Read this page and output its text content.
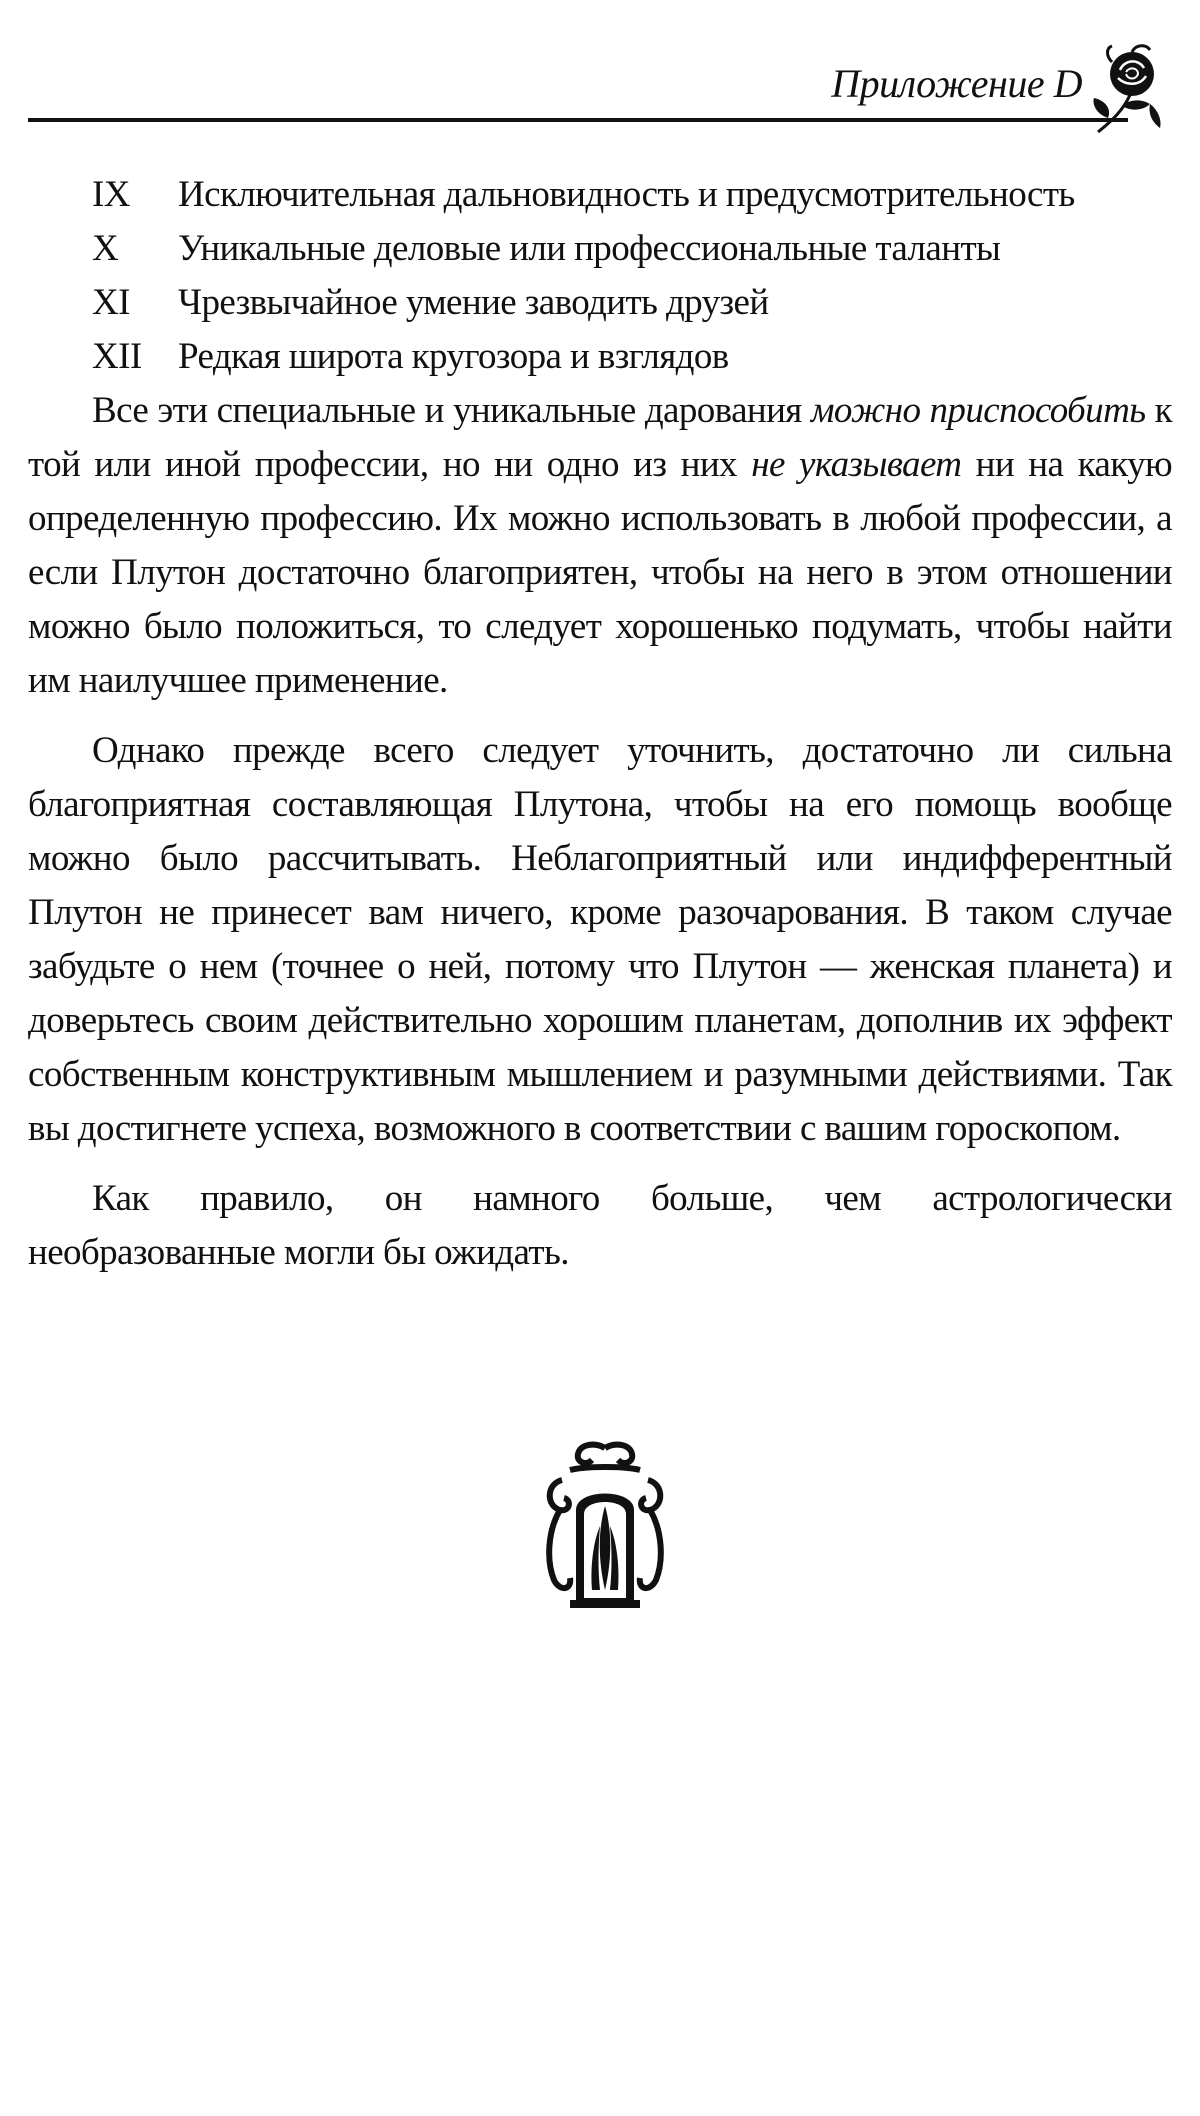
Приложение D
IX	Исключительная дальновидность и предусмотрительность
X	Уникальные деловые или профессиональные таланты
XI	Чрезвычайное умение заводить друзей
XII Редкая широта кругозора и взглядов

Все эти специальные и уникальные дарования можно приспособить к той или иной профессии, но ни одно из них не указывает ни на какую определенную профессию. Их можно использовать в любой профессии, а если Плутон достаточно благоприятен, чтобы на него в этом отношении можно было положиться, то следует хорошенько подумать, чтобы найти им наилучшее применение.

Однако прежде всего следует уточнить, достаточно ли сильна благоприятная составляющая Плутона, чтобы на его помощь вообще можно было рассчитывать. Неблагоприятный или индифферентный Плутон не принесет вам ничего, кроме разочарования. В таком случае забудьте о нем (точнее о ней, потому что Плутон — женская планета) и доверьтесь своим действительно хорошим планетам, дополнив их эффект собственным конструктивным мышлением и разумными действиями. Так вы достигнете успеха, возможного в соответствии с вашим гороскопом.

Как правило, он намного больше, чем астрологически необразованные могли бы ожидать.
